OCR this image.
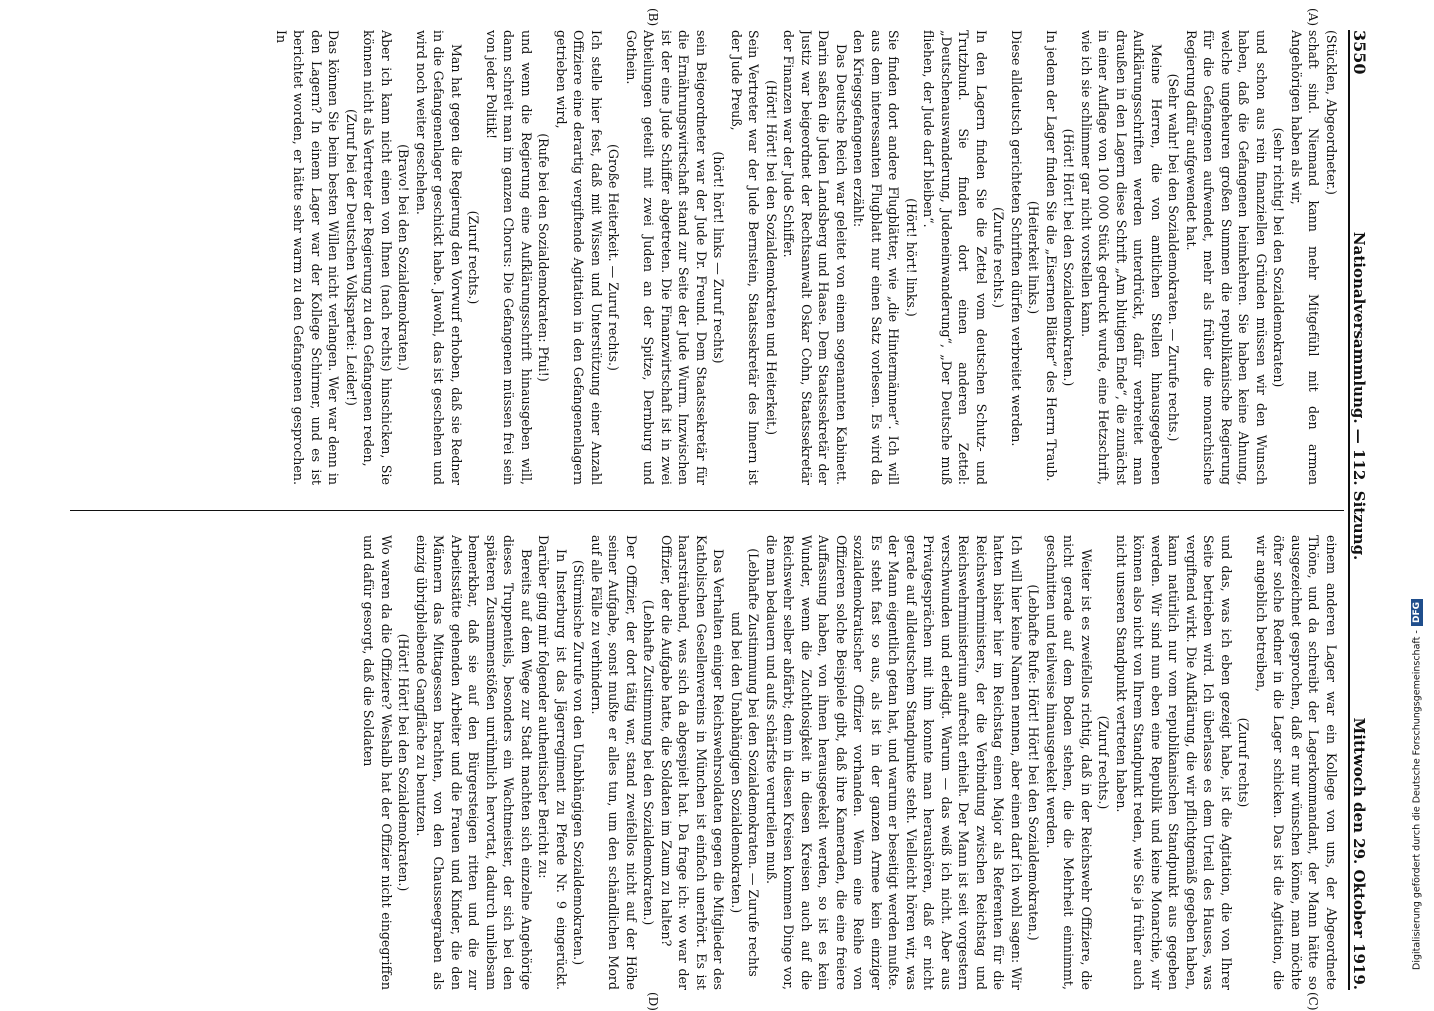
3550
Nationalversammlung. — 112. Sitzung.
Mittwoch den 29. Oktober 1919.
(A)
(B)
(C)
(D)

(Stücklen, Abgeordneter.)

schaft sind. Niemand kann mehr Mitgefühl mit den armen Angehörigen haben als wir,

(sehr richtig! bei den Sozialdemokraten)

und schon aus rein finanziellen Gründen müssen wir den Wunsch haben, daß die Gefangenen heimkehren. Sie haben keine Ahnung, welche ungeheuren großen Summen die republikanische Regierung für die Gefangenen aufwendet, mehr als früher die monarchische Regierung dafür aufgewendet hat.

(Sehr wahr! bei den Sozialdemokraten. — Zurufe rechts.)

Meine Herren, die von amtlichen Stellen hinausgegebenen Aufklärungsschriften werden unterdrückt, dafür verbreitet man draußen in den Lagern diese Schrift „Am blutigen Ende“, die zunächst in einer Auflage von 100 000 Stück gedruckt wurde, eine Hetzschrift, wie ich sie schlimmer gar nicht vorstellen kann.

(Hört! Hört! bei den Sozialdemokraten.)

In jedem der Lager finden Sie die „Eisernen Blätter“ des Herrn Traub.

(Heiterkeit links.)

Diese alldeutsch gerichteten Schriften dürfen verbreitet werden.

(Zurufe rechts.)

In den Lagern finden Sie die Zettel vom deutschen Schutz- und Trutzbund. Sie finden dort einen anderen Zettel: „Deutschenauswanderung, Judeneinwanderung“, „Der Deutsche muß fliehen, der Jude darf bleiben“.

(Hört! hört! links.)

Sie finden dort andere Flugblätter, wie „die Hintermänner“. Ich will aus dem interessanten Flugblatt nur einen Satz vorlesen. Es wird da den Kriegsgefangenen erzählt:

Das Deutsche Reich war geleitet von einem sogenannten Kabinett. Darin saßen die Juden Landsberg und Haase. Dem Staatssekretär der Justiz war beigeordnet der Rechtsanwalt Oskar Cohn, Staatssekretär der Finanzen war der Jude Schiffer.

(Hört! Hört! bei den Sozialdemokraten und Heiterkeit.)

Sein Vertreter war der Jude Bernstein, Staatssekretär des Innern ist der Jude Preuß,

(hört! hört! links — Zuruf rechts)

sein Beigeordneter war der Jude Dr. Freund. Dem Staatssekretär für die Ernährungswirtschaft stand zur Seite der Jude Wurm. Inzwischen ist der eine Jude Schiffer abgetreten. Die Finanzwirtschaft ist in zwei Abteilungen geteilt mit zwei Juden an der Spitze, Dernburg und Gothein.

(Große Heiterkeit. — Zuruf rechts.)

Ich stelle hier fest, daß mit Wissen und Unterstützung einer Anzahl Offiziere eine derartig vergiftende Agitation in den Gefangenenlagern getrieben wird,

(Rufe bei den Sozialdemokraten: Pfui!)

und wenn die Regierung eine Aufklärungsschrift hinausgeben will, dann schreit man im ganzen Chorus: Die Gefangenen müssen frei sein von jeder Politik!

(Zuruf rechts.)

Man hat gegen die Regierung den Vorwurf erhoben, daß sie Redner in die Gefangenenlager geschickt habe. Jawohl, das ist geschehen und wird noch weiter geschehen.

(Bravo! bei den Sozialdemokraten.)

Aber ich kann nicht einen von Ihnen (nach rechts) hinschicken, Sie können nicht als Vertreter der Regierung zu den Gefangenen reden,

(Zuruf bei der Deutschen Volkspartei: Leider!)

Das können Sie beim besten Willen nicht verlangen. Wer war denn in den Lagern? In einem Lager war der Kollege Schirmer, und es ist berichtet worden, er hätte sehr warm zu den Gefangenen gesprochen. In

einem anderen Lager war ein Kollege von uns, der Abgeordnete Thöne, und da schreibt der Lagerkommandant, der Mann hätte so ausgezeichnet gesprochen, daß er nur wünschen könne, man möchte öfter solche Redner in die Lager schicken. Das ist die Agitation, die wir angeblich betreiben,

(Zuruf rechts)

und das, was ich eben gezeigt habe, ist die Agitation, die von Ihrer Seite betrieben wird. Ich überlasse es dem Urteil des Hauses, was vergiftend wirkt. Die Aufklärung, die wir pflichtgemäß gegeben haben, kann natürlich nur vom republikanischen Standpunkt aus gegeben werden. Wir sind nun eben eine Republik und keine Monarchie, wir können also nicht von Ihrem Standpunkt reden, wie Sie ja früher auch nicht unseren Standpunkt vertreten haben.

(Zuruf rechts.)

Weiter ist es zweifellos richtig, daß in der Reichswehr Offiziere, die nicht gerade auf dem Boden stehen, die die Mehrheit einnimmt, geschnitten und teilweise hinausgeekelt werden.

(Lebhafte Rufe: Hört! Hört! bei den Sozialdemokraten.)

Ich will hier keine Namen nennen, aber einen darf ich wohl sagen: Wir hatten bisher hier im Reichstag einen Major als Referenten für die Reichswehrministers, der die Verbindung zwischen Reichstag und Reichswehrministerium aufrecht erhielt. Der Mann ist seit vorgestern verschwunden und erledigt. Warum — das weiß ich nicht. Aber aus Privatgesprächen mit ihm konnte man heraushören, daß er nicht gerade auf alldeutschem Standpunkte steht. Vielleicht hören wir, was der Mann eigentlich getan hat, und warum er beseitigt werden mußte. Es steht fast so aus, als ist in der ganzen Armee kein einziger sozialdemokratischer Offizier vorhanden. Wenn eine Reihe von Offizieren solche Beispiele gibt, daß ihre Kameraden, die eine freiere Auffassung haben, von ihnen herausgeekelt werden, so ist es kein Wunder, wenn die Zuchtlosigkeit in diesen Kreisen auch auf die Reichswehr selber abfärbt; denn in diesen Kreisen kommen Dinge vor, die man bedauern und aufs schärfste verurteilen muß.

(Lebhafte Zustimmung bei den Sozialdemokraten. — Zurufe rechts und bei den Unabhängigen Sozialdemokraten.)

Das Verhalten einiger Reichswehrsoldaten gegen die Mitglieder des Katholischen Gesellenvereins in München ist einfach unerhört. Es ist haarsträubend, was sich da abgespielt hat. Da frage ich: wo war der Offizier, der die Aufgabe hatte, die Soldaten im Zaum zu halten?

(Lebhafte Zustimmung bei den Sozialdemokraten.)

Der Offizier, der dort tätig war, stand zweifellos nicht auf der Höhe seiner Aufgabe, sonst mußte er alles tun, um den schändlichen Mord auf alle Fälle zu verhindern.

(Stürmische Zurufe von den Unabhängigen Sozialdemokraten.)

In Insterburg ist das Jägerregiment zu Pferde Nr. 9 eingerückt. Darüber ging mir folgender authentischer Bericht zu:

Bereits auf dem Wege zur Stadt machten sich einzelne Angehörige dieses Truppenteils, besonders ein Wachtmeister, der sich bei den späteren Zusammenstößen unrühmlich hervortat, dadurch unliebsam bemerkbar, daß sie auf den Bürgersteigen ritten und die zur Arbeitsstätte gehenden Arbeiter und die Frauen und Kinder, die den Männern das Mittagessen brachten, von den Chausseegraben als einzig übrigbleibende Gangfläche zu benutzen.

(Hört! Hört! bei den Sozialdemokraten.)

Wo waren da die Offiziere? Weshalb hat der Offizier nicht eingegriffen und dafür gesorgt, daß die Soldaten	Digitalisierung gefördert durch die Deutsche Forschungsgemeinschaft -
DFG
